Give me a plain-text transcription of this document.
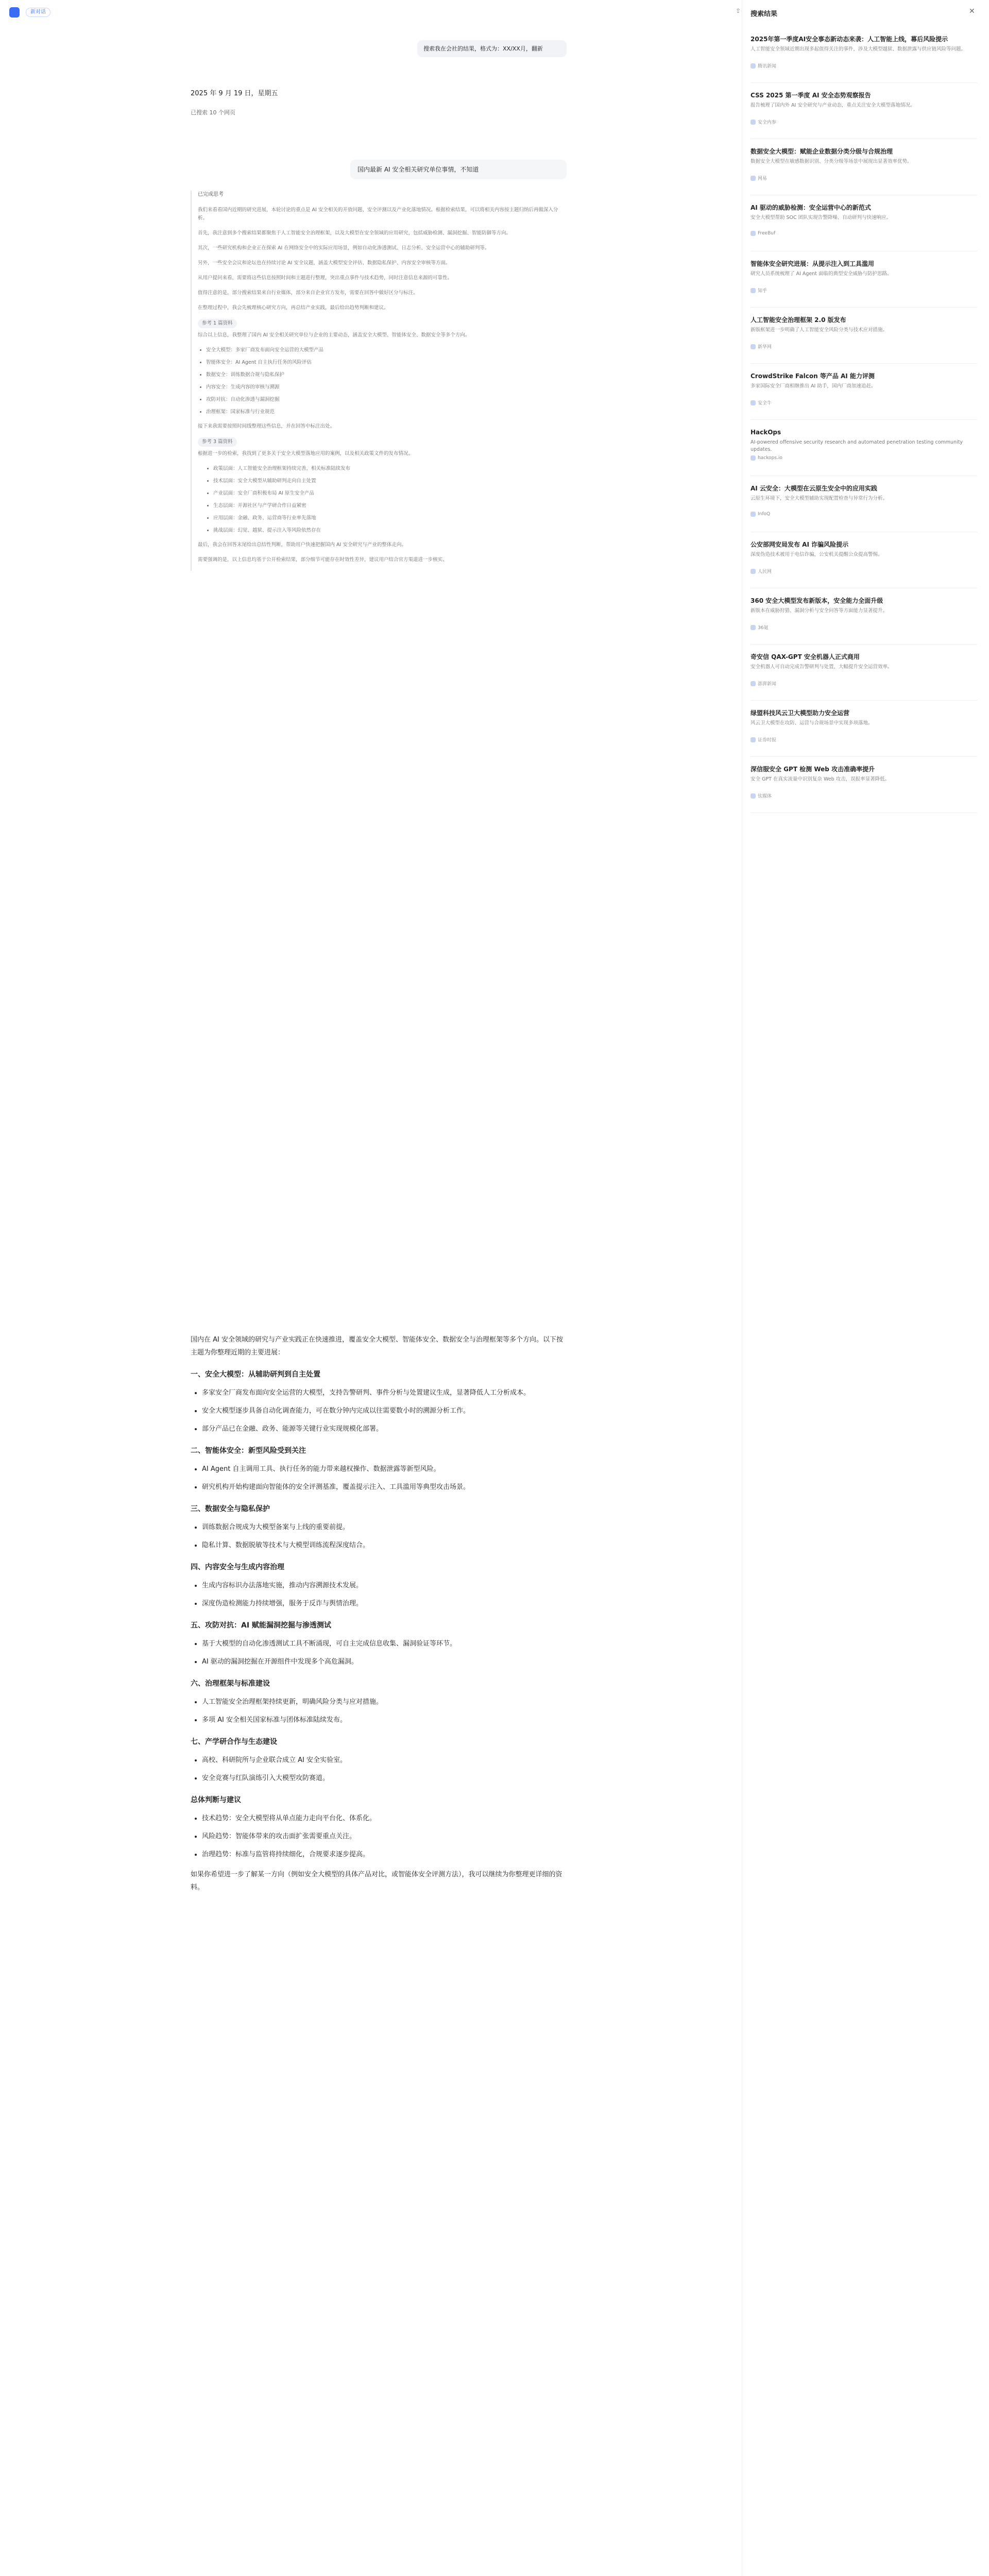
新对话	⇪
搜索我在会社的结果，格式为：XX/XX月，翻新
2025 年 9 月 19 日，星期五
已搜索 10 个网页
国内最新 AI 安全相关研究单位事情，不知道

已完成思考

我们来看看国内近期的研究进展，本轮讨论的重点是 AI 安全相关的开放问题、安全评测以及产业化落地情况。根据检索结果，可以将相关内容按主题归纳后再做深入分析。

首先，我注意到多个搜索结果都聚焦于人工智能安全治理框架，以及大模型在安全领域的应用研究，包括威胁检测、漏洞挖掘、智能防御等方向。

其次，一些研究机构和企业正在探索 AI 在网络安全中的实际应用场景，例如自动化渗透测试、日志分析、安全运营中心的辅助研判等。

另外，一些安全会议和论坛也在持续讨论 AI 安全议题，涵盖大模型安全评估、数据隐私保护、内容安全审核等方面。

从用户提问来看，需要将这些信息按照时间和主题进行整理，突出重点事件与技术趋势，同时注意信息来源的可靠性。

值得注意的是，部分搜索结果来自行业媒体，部分来自企业官方发布，需要在回答中做好区分与标注。

在整理过程中，我会先梳理核心研究方向，再总结产业实践，最后给出趋势判断和建议。

参考 1 篇资料

综合以上信息，我整理了国内 AI 安全相关研究单位与企业的主要动态，涵盖安全大模型、智能体安全、数据安全等多个方向。

• 安全大模型：多家厂商发布面向安全运营的大模型产品
• 智能体安全：AI Agent 自主执行任务的风险评估
• 数据安全：训练数据合规与隐私保护
• 内容安全：生成内容的审核与溯源
• 攻防对抗：自动化渗透与漏洞挖掘
• 治理框架：国家标准与行业规范

接下来我需要按照时间线整理这些信息，并在回答中标注出处。

参考 3 篇资料

根据进一步的检索，我找到了更多关于安全大模型落地应用的案例，以及相关政策文件的发布情况。

• 政策层面：人工智能安全治理框架持续完善，相关标准陆续发布
• 技术层面：安全大模型从辅助研判走向自主处置
• 产业层面：安全厂商积极布局 AI 原生安全产品
• 生态层面：开源社区与产学研合作日益紧密
• 应用层面：金融、政务、运营商等行业率先落地
• 挑战层面：幻觉、越狱、提示注入等风险依然存在

最后，我会在回答末尾给出总结性判断，帮助用户快速把握国内 AI 安全研究与产业的整体走向。

需要强调的是，以上信息均基于公开检索结果，部分细节可能存在时效性差异，建议用户结合官方渠道进一步核实。

国内在 AI 安全领域的研究与产业实践正在快速推进，覆盖安全大模型、智能体安全、数据安全与治理框架等多个方向。以下按主题为你整理近期的主要进展：

一、安全大模型：从辅助研判到自主处置
• 多家安全厂商发布面向安全运营的大模型，支持告警研判、事件分析与处置建议生成，显著降低人工分析成本。
• 安全大模型逐步具备自动化调查能力，可在数分钟内完成以往需要数小时的溯源分析工作。
• 部分产品已在金融、政务、能源等关键行业实现规模化部署。
二、智能体安全：新型风险受到关注
• AI Agent 自主调用工具、执行任务的能力带来越权操作、数据泄露等新型风险。
• 研究机构开始构建面向智能体的安全评测基准，覆盖提示注入、工具滥用等典型攻击场景。
三、数据安全与隐私保护
• 训练数据合规成为大模型备案与上线的重要前提。
• 隐私计算、数据脱敏等技术与大模型训练流程深度结合。
四、内容安全与生成内容治理
• 生成内容标识办法落地实施，推动内容溯源技术发展。
• 深度伪造检测能力持续增强，服务于反诈与舆情治理。
五、攻防对抗：AI 赋能漏洞挖掘与渗透测试
• 基于大模型的自动化渗透测试工具不断涌现，可自主完成信息收集、漏洞验证等环节。
• AI 驱动的漏洞挖掘在开源组件中发现多个高危漏洞。
六、治理框架与标准建设
• 人工智能安全治理框架持续更新，明确风险分类与应对措施。
• 多项 AI 安全相关国家标准与团体标准陆续发布。
七、产学研合作与生态建设
• 高校、科研院所与企业联合成立 AI 安全实验室。
• 安全竞赛与红队演练引入大模型攻防赛道。
总体判断与建议
• 技术趋势：安全大模型将从单点能力走向平台化、体系化。
• 风险趋势：智能体带来的攻击面扩张需要重点关注。
• 治理趋势：标准与监管将持续细化，合规要求逐步提高。

如果你希望进一步了解某一方向（例如安全大模型的具体产品对比，或智能体安全评测方法），我可以继续为你整理更详细的资料。

搜索结果	✕
2025年第一季度AI安全事态新动态来袭：人工智能上线，幕后风险提示
人工智能安全领域近期出现多起值得关注的事件，涉及大模型越狱、数据泄露与供应链风险等问题。
腾讯新闻
CSS 2025 第一季度 AI 安全态势观察报告
报告梳理了国内外 AI 安全研究与产业动态，重点关注安全大模型落地情况。
安全内参
数据安全大模型：赋能企业数据分类分级与合规治理
数据安全大模型在敏感数据识别、分类分级等场景中展现出显著效率优势。
网易
AI 驱动的威胁检测：安全运营中心的新范式
安全大模型帮助 SOC 团队实现告警降噪、自动研判与快速响应。
FreeBuf
智能体安全研究进展：从提示注入到工具滥用
研究人员系统梳理了 AI Agent 面临的典型安全威胁与防护思路。
知乎
人工智能安全治理框架 2.0 版发布
新版框架进一步明确了人工智能安全风险分类与技术应对措施。
新华网
CrowdStrike Falcon 等产品 AI 能力评测
多家国际安全厂商相继推出 AI 助手，国内厂商加速追赶。
安全牛
HackOps
AI-powered offensive security research and automated penetration testing community updates.
hackops.io
AI 云安全：大模型在云原生安全中的应用实践
云原生环境下，安全大模型辅助实现配置检查与异常行为分析。
InfoQ
公安部网安局发布 AI 诈骗风险提示
深度伪造技术被用于电信诈骗，公安机关提醒公众提高警惕。
人民网
360 安全大模型发布新版本，安全能力全面升级
新版本在威胁狩猎、漏洞分析与安全问答等方面能力显著提升。
36氪
奇安信 QAX-GPT 安全机器人正式商用
安全机器人可自动完成告警研判与处置，大幅提升安全运营效率。
澎湃新闻
绿盟科技风云卫大模型助力安全运营
风云卫大模型在攻防、运营与合规场景中实现多项落地。
证券时报
深信服安全 GPT 检测 Web 攻击准确率提升
安全 GPT 在真实流量中识别复杂 Web 攻击，误报率显著降低。
钛媒体
